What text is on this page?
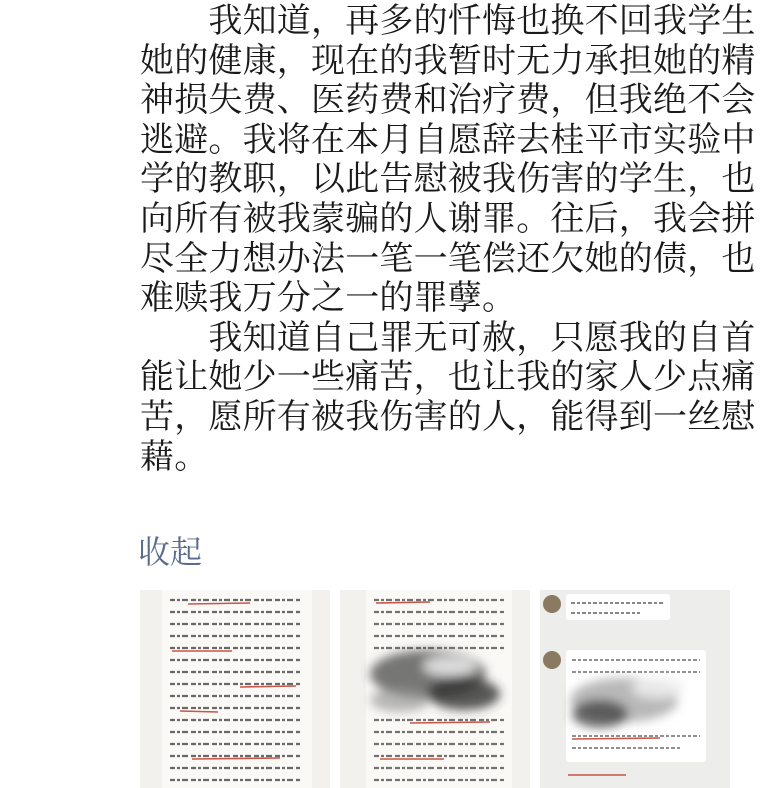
　　我知道，再多的忏悔也换不回我学生
她的健康，现在的我暂时无力承担她的精
神损失费、医药费和治疗费，但我绝不会
逃避。我将在本月自愿辞去桂平市实验中
学的教职，以此告慰被我伤害的学生，也
向所有被我蒙骗的人谢罪。往后，我会拼
尽全力想办法一笔一笔偿还欠她的债，也
难赎我万分之一的罪孽。
　　我知道自己罪无可赦，只愿我的自首
能让她少一些痛苦，也让我的家人少点痛
苦，愿所有被我伤害的人，能得到一丝慰
藉。
收起
